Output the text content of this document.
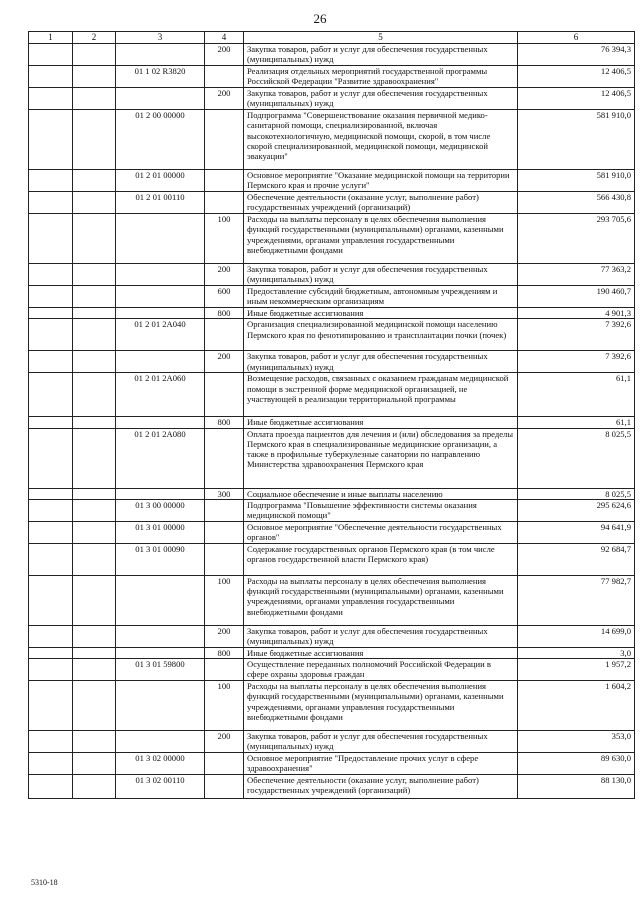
26
1	2	3	4	5	6
			200	Закупка товаров, работ и услуг для обеспечения государственных (муниципальных) нужд	76 394,3
		01 1 02 R3820		Реализация отдельных мероприятий государственной программы Российской Федерации "Развитие здравоохранения"	12 406,5
			200	Закупка товаров, работ и услуг для обеспечения государственных (муниципальных) нужд	12 406,5
		01 2 00 00000		Подпрограмма "Совершенствование оказания первичной медико-санитарной помощи, специализированной, включая высокотехнологичную, медицинской помощи, скорой, в том числе скорой специализированной, медицинской помощи, медицинской эвакуации"	581 910,0
		01 2 01 00000		Основное мероприятие "Оказание медицинской помощи на территории Пермского края и прочие услуги"	581 910,0
		01 2 01 00110		Обеспечение деятельности (оказание услуг, выполнение работ) государственных учреждений (организаций)	566 430,8
			100	Расходы на выплаты персоналу в целях обеспечения выполнения функций государственными (муниципальными) органами, казенными учреждениями, органами управления государственными внебюджетными фондами	293 705,6
			200	Закупка товаров, работ и услуг для обеспечения государственных (муниципальных) нужд	77 363,2
			600	Предоставление субсидий бюджетным, автономным учреждениям и иным некоммерческим организациям	190 460,7
			800	Иные бюджетные ассигнования	4 901,3
		01 2 01 2А040		Организация специализированной медицинской помощи населению Пермского края по фенотипированию и трансплантации почки (почек)	7 392,6
			200	Закупка товаров, работ и услуг для обеспечения государственных (муниципальных) нужд	7 392,6
		01 2 01 2А060		Возмещение расходов, связанных с оказанием гражданам медицинской помощи в экстренной форме медицинской организацией, не участвующей в реализации территориальной программы	61,1
			800	Иные бюджетные ассигнования	61,1
		01 2 01 2А080		Оплата проезда пациентов для лечения и (или) обследования за пределы Пермского края в специализированные медицинские организации, а также в профильные туберкулезные санатории по направлению Министерства здравоохранения Пермского края	8 025,5
			300	Социальное обеспечение и иные выплаты населению	8 025,5
		01 3 00 00000		Подпрограмма "Повышение эффективности системы оказания медицинской помощи"	295 624,6
		01 3 01 00000		Основное мероприятие "Обеспечение деятельности государственных органов"	94 641,9
		01 3 01 00090		Содержание государственных органов Пермского края (в том числе органов государственной власти Пермского края)	92 684,7
			100	Расходы на выплаты персоналу в целях обеспечения выполнения функций государственными (муниципальными) органами, казенными учреждениями, органами управления государственными внебюджетными фондами	77 982,7
			200	Закупка товаров, работ и услуг для обеспечения государственных (муниципальных) нужд	14 699,0
			800	Иные бюджетные ассигнования	3,0
		01 3 01 59800		Осуществление переданных полномочий Российской Федерации в сфере охраны здоровья граждан	1 957,2
			100	Расходы на выплаты персоналу в целях обеспечения выполнения функций государственными (муниципальными) органами, казенными учреждениями, органами управления государственными внебюджетными фондами	1 604,2
			200	Закупка товаров, работ и услуг для обеспечения государственных (муниципальных) нужд	353,0
		01 3 02 00000		Основное мероприятие "Предоставление прочих услуг в сфере здравоохранения"	89 630,0
		01 3 02 00110		Обеспечение деятельности (оказание услуг, выполнение работ) государственных учреждений (организаций)	88 130,0
5310-18
